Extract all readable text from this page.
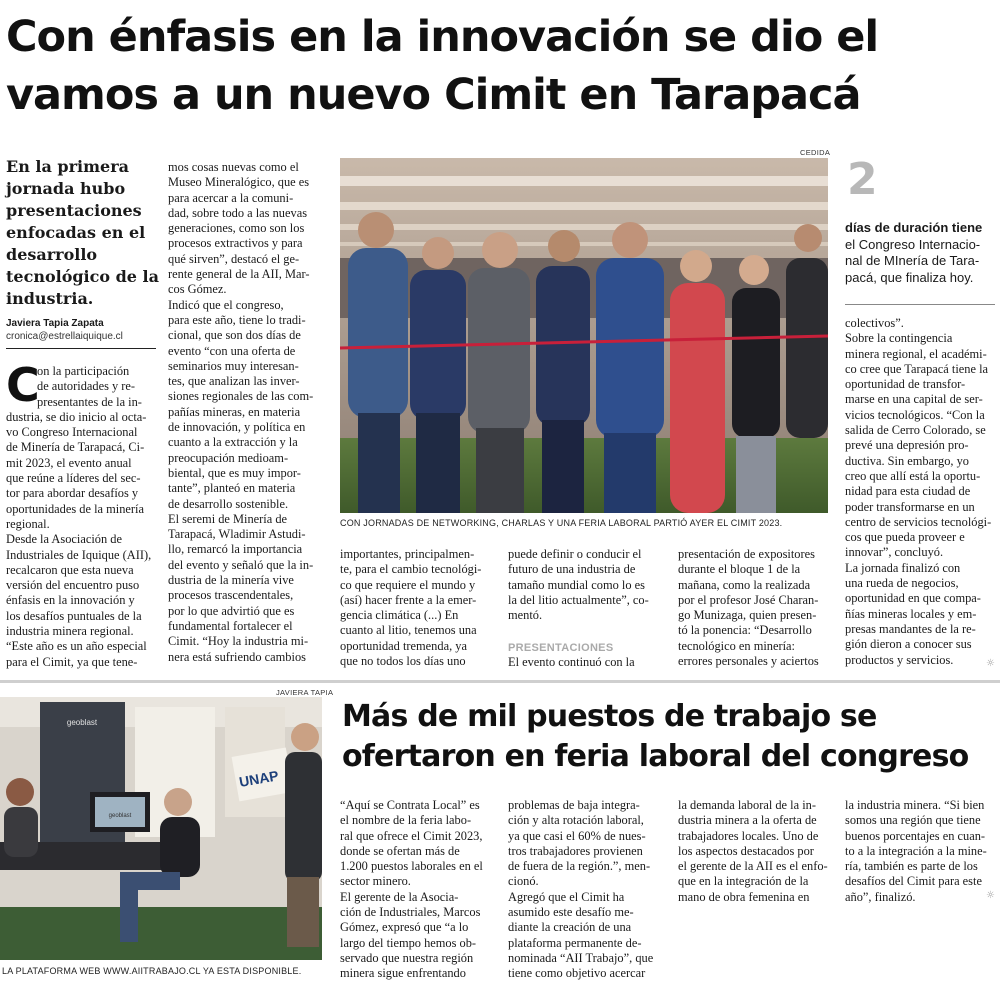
Con énfasis en la innovación se dio el
vamos a un nuevo Cimit en Tarapacá
En la primera
jornada hubo
presentaciones
enfocadas en el
desarrollo
tecnológico de la
industria.
Javiera Tapia Zapata
cronica@estrellaiquique.cl
C
on la participación
de autoridades y re-
presentantes de la in-
dustria, se dio inicio al octa-
vo Congreso Internacional
de Minería de Tarapacá, Ci-
mit 2023, el evento anual
que reúne a líderes del sec-
tor para abordar desafíos y
oportunidades de la minería
regional.
Desde la Asociación de
Industriales de Iquique (AII),
recalcaron que esta nueva
versión del encuentro puso
énfasis en la innovación y
los desafíos puntuales de la
industria minera regional.
“Este año es un año especial
para el Cimit, ya que tene-
mos cosas nuevas como el
Museo Mineralógico, que es
para acercar a la comuni-
dad, sobre todo a las nuevas
generaciones, como son los
procesos extractivos y para
qué sirven”, destacó el ge-
rente general de la AII, Mar-
cos Gómez.
Indicó que el congreso,
para este año, tiene lo tradi-
cional, que son dos días de
evento “con una oferta de
seminarios muy interesan-
tes, que analizan las inver-
siones regionales de las com-
pañías mineras, en materia
de innovación, y política en
cuanto a la extracción y la
preocupación medioam-
biental, que es muy impor-
tante”, planteó en materia
de desarrollo sostenible.
El seremi de Minería de
Tarapacá, Wladimir Astudi-
llo, remarcó la importancia
del evento y señaló que la in-
dustria de la minería vive
procesos trascendentales,
por lo que advirtió que es
fundamental fortalecer el
Cimit. “Hoy la industria mi-
nera está sufriendo cambios
CEDIDA
CON JORNADAS DE NETWORKING, CHARLAS Y UNA FERIA LABORAL PARTIÓ AYER EL CIMIT 2023.
2
días de duración tiene
el Congreso Internacio-
nal de MInería de Tara-
pacá, que finaliza hoy.
importantes, principalmen-
te, para el cambio tecnológi-
co que requiere el mundo y
(así) hacer frente a la emer-
gencia climática (...) En
cuanto al litio, tenemos una
oportunidad tremenda, ya
que no todos los días uno
puede definir o conducir el
futuro de una industria de
tamaño mundial como lo es
la del litio actualmente”, co-
mentó.
PRESENTACIONES
El evento continuó con la
presentación de expositores
durante el bloque 1 de la
mañana, como la realizada
por el profesor José Charan-
go Munizaga, quien presen-
tó la ponencia: “Desarrollo
tecnológico en minería:
errores personales y aciertos
colectivos”.
Sobre la contingencia
minera regional, el académi-
co cree que Tarapacá tiene la
oportunidad de transfor-
marse en una capital de ser-
vicios tecnológicos. “Con la
salida de Cerro Colorado, se
prevé una depresión pro-
ductiva. Sin embargo, yo
creo que allí está la oportu-
nidad para esta ciudad de
poder transformarse en un
centro de servicios tecnológi-
cos que pueda proveer e
innovar”, concluyó.
La jornada finalizó con
una rueda de negocios,
oportunidad en que compa-
ñías mineras locales y em-
presas mandantes de la re-
gión dieron a conocer sus
productos y servicios.	☼
JAVIERA TAPIA
geoblast
geoblast
UNAP
LA PLATAFORMA WEB WWW.AIITRABAJO.CL YA ESTA DISPONIBLE.
Más de mil puestos de trabajo se
ofertaron en feria laboral del congreso
“Aquí se Contrata Local” es
el nombre de la feria labo-
ral que ofrece el Cimit 2023,
donde se ofertan más de
1.200 puestos laborales en el
sector minero.
El gerente de la Asocia-
ción de Industriales, Marcos
Gómez, expresó que “a lo
largo del tiempo hemos ob-
servado que nuestra región
minera sigue enfrentando
problemas de baja integra-
ción y alta rotación laboral,
ya que casi el 60% de nues-
tros trabajadores provienen
de fuera de la región.”, men-
cionó.
Agregó que el Cimit ha
asumido este desafío me-
diante la creación de una
plataforma permanente de-
nominada “AII Trabajo”, que
tiene como objetivo acercar
la demanda laboral de la in-
dustria minera a la oferta de
trabajadores locales. Uno de
los aspectos destacados por
el gerente de la AII es el enfo-
que en la integración de la
mano de obra femenina en
la industria minera. “Si bien
somos una región que tiene
buenos porcentajes en cuan-
to a la integración a la mine-
ría, también es parte de los
desafíos del Cimit para este
año”, finalizó.	☼
